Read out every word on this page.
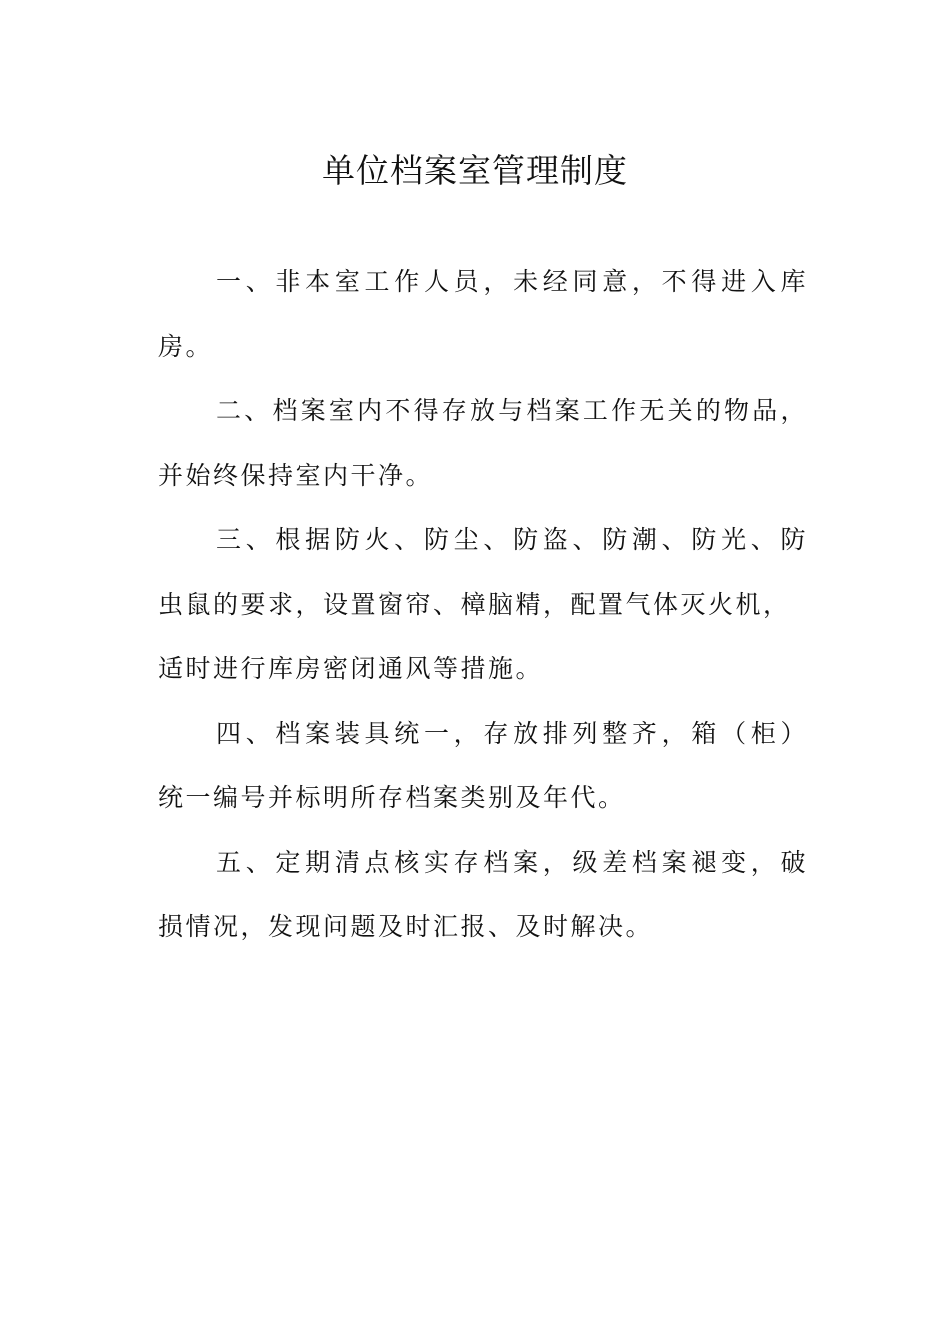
单位档案室管理制度

一、非本室工作人员，未经同意，不得进入库
房。

二、档案室内不得存放与档案工作无关的物品，
并始终保持室内干净。

三、根据防火、防尘、防盗、防潮、防光、防
虫鼠的要求，设置窗帘、樟脑精，配置气体灭火机，
适时进行库房密闭通风等措施。

四、档案装具统一，存放排列整齐，箱（柜）
统一编号并标明所存档案类别及年代。

五、定期清点核实存档案，级差档案褪变，破
损情况，发现问题及时汇报、及时解决。
